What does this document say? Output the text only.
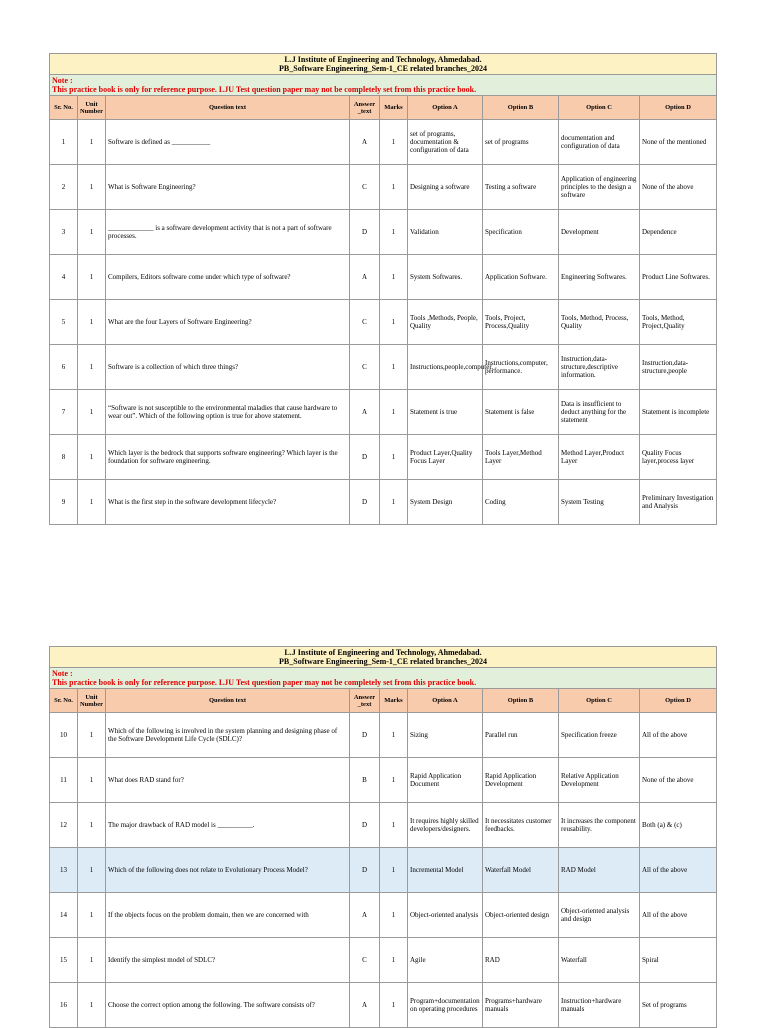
L.J Institute of Engineering and Technology, Ahmedabad.
PB_Software Engineering_Sem-1_CE related branches_2024								

Note :
This practice book is only for reference purpose. LJU Test question paper may not be completely set from this practice book.								

Sr. No.	Unit Number	Question text	Answer _text	Marks	Option A	Option B	Option C	Option D
1	1	Software is defined as ___________	A	1	set of programs, documentation & configuration of data	set of programs	documentation and configuration of data	None of the mentioned
2	1	What is Software Engineering?	C	1	Designing a software	Testing a software	Application of engineering principles to the design a software	None of the above
3	1	_____________ is a software development activity that is not a part of software processes.	D	1	Validation	Specification	Development	Dependence
4	1	Compilers, Editors software come under which type of software?	A	1	System Softwares.	Application Software.	Engineering Softwares.	Product Line Softwares.
5	1	What are the four Layers of Software Engineering?	C	1	Tools ,Methods, People, Quality	Tools, Project, Process,Quality	Tools, Method, Process, Quality	Tools, Method, Project,Quality
6	1	Software is a collection of which three things?	C	1	Instructions,people,computer.	Instructions,computer, performance.	Instruction,data-structure,descriptive information.	Instruction,data-structure,people
7	1	“Software is not susceptible to the environmental maladies that cause hardware to wear out”. Which of the following option is true for above statement.	A	1	Statement is true	Statement is false	Data is insufficient to deduct anything for the statement	Statement is incomplete
8	1	Which layer is the bedrock that supports software engineering? Which layer is the foundation for software engineering.	D	1	Product Layer,Quality Focus Layer	Tools Layer,Method Layer	Method Layer,Product Layer	Quality Focus layer,process layer
9	1	What is the first step in the software development lifecycle?	D	1	System Design	Coding	System Testing	Preliminary Investigation and Analysis
L.J Institute of Engineering and Technology, Ahmedabad.
PB_Software Engineering_Sem-1_CE related branches_2024								

Note :
This practice book is only for reference purpose. LJU Test question paper may not be completely set from this practice book.								

Sr. No.	Unit Number	Question text	Answer _text	Marks	Option A	Option B	Option C	Option D
10	1	Which of the following is involved in the system planning and designing phase of the Software Development Life Cycle (SDLC)?	D	1	Sizing	Parallel run	Specification freeze	All of the above
11	1	What does RAD stand for?	B	1	Rapid Application Document	Rapid Application Development	Relative Application Development	None of the above
12	1	The major drawback of RAD model is __________.	D	1	It requires highly skilled developers/designers.	It necessitates customer feedbacks.	It increases the component reusability.	Both (a) & (c)
13	1	Which of the following does not relate to Evolutionary Process Model?	D	1	Incremental Model	Waterfall Model	RAD Model	All of the above
14	1	If the objects focus on the problem domain, then we are concerned with	A	1	Object-oriented analysis	Object-oriented design	Object-oriented analysis and design	All of the above
15	1	Identify the simplest model of SDLC?	C	1	Agile	RAD	Waterfall	Spiral
16	1	Choose the correct option among the following. The software consists of?	A	1	Program+documentation on operating procedures	Programs+hardware manuals	Instruction+hardware manuals	Set of programs
